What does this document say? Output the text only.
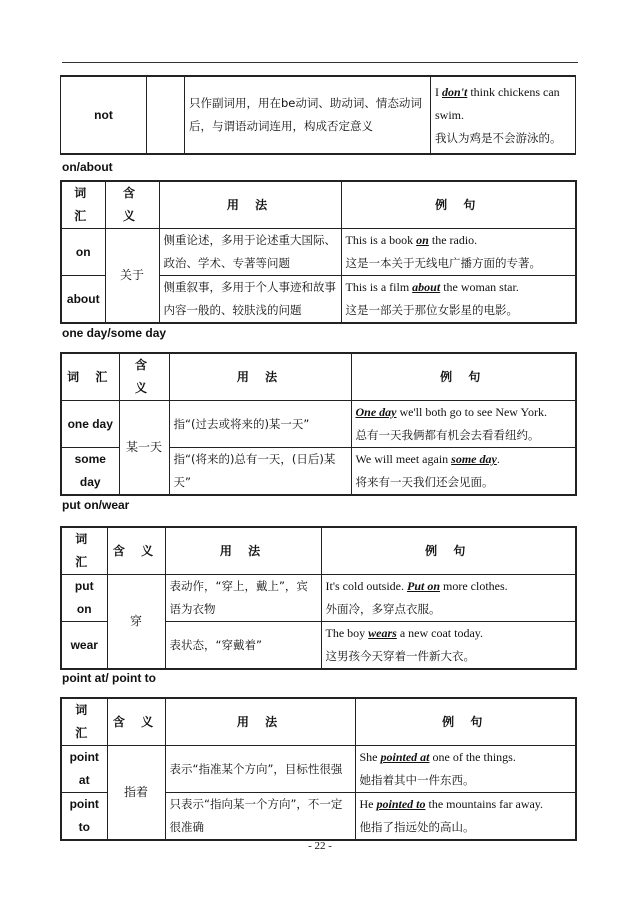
not		只作副词用，用在be动词、助动词、情态动词后，与谓语动词连用，构成否定意义	I don't think chickens can swim.
我认为鸡是不会游泳的。
on/about
词 汇	含 义	用 法	例 句
on	关于	侧重论述，多用于论述重大国际、政治、学术、专著等问题	This is a book on the radio.
这是一本关于无线电广播方面的专著。
about		侧重叙事，多用于个人事迹和故事内容一般的、较肤浅的问题	This is a film about the woman star.
这是一部关于那位女影星的电影。
one day/some day
词 汇	含 义	用 法	例 句
one day	某一天	指“(过去或将来的)某一天”	One day we'll both go to see New York.
总有一天我俩都有机会去看看纽约。
some day		指“(将来的)总有一天，(日后)某天”	We will meet again some day.
将来有一天我们还会见面。
put on/wear
词 汇	含 义	用 法	例 句
put on	穿	表动作，“穿上，戴上”，宾语为衣物	It's cold outside. Put on more clothes.
外面冷，多穿点衣服。
wear		表状态，“穿戴着”	The boy wears a new coat today.
这男孩今天穿着一件新大衣。
point at/ point to
词 汇	含 义	用 法	例 句
point at	指着	表示“指准某个方向”，目标性很强	She pointed at one of the things.
她指着其中一件东西。
point to		只表示“指向某一个方向”，不一定很准确	He pointed to the mountains far away.
他指了指远处的高山。
- 22 -
